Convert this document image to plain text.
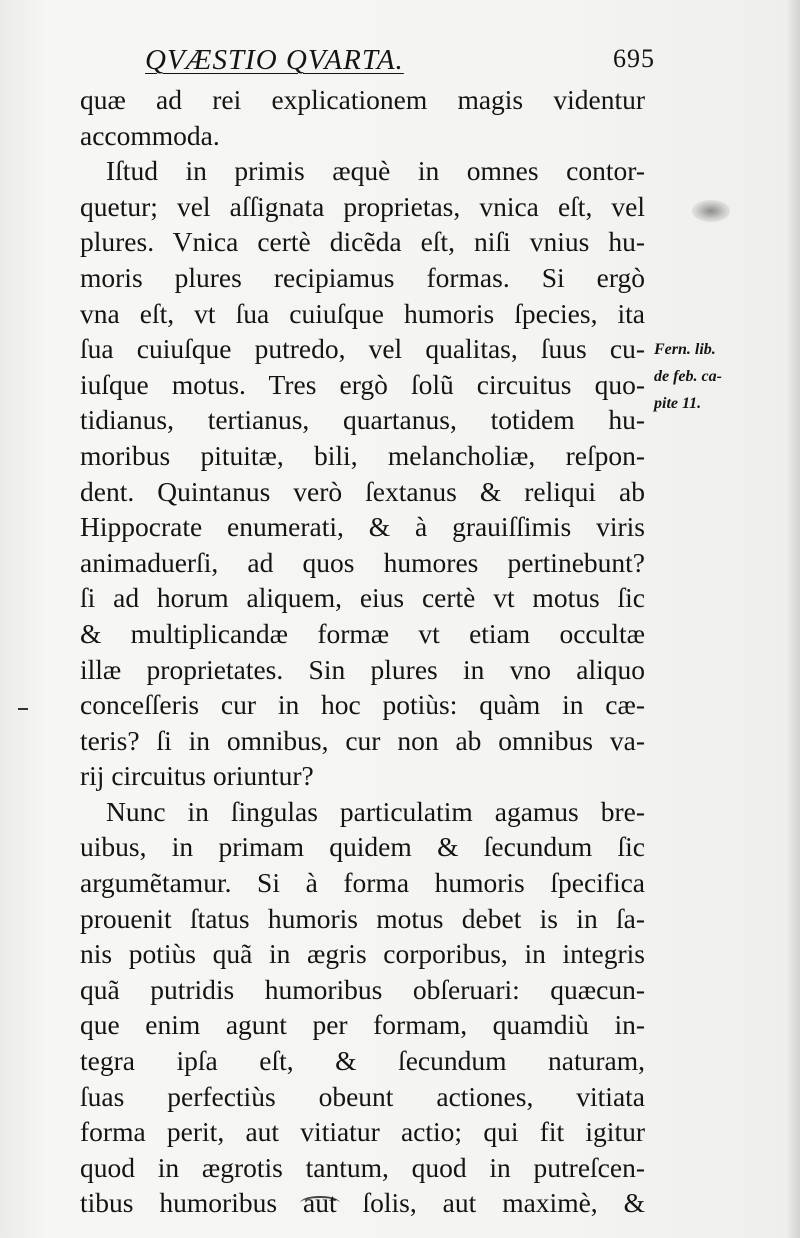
QVÆSTIO QVARTA.	695
quæ ad rei explicationem magis videntur
accommoda.
Iſtud in primis æquè in omnes contor-
quetur; vel aſſignata proprietas, vnica eſt, vel
plures. Vnica certè dicẽda eſt, niſi vnius hu-
moris plures recipiamus formas. Si ergò
vna eſt, vt ſua cuiuſque humoris ſpecies, ita
ſua cuiuſque putredo, vel qualitas, ſuus cu-
iuſque motus. Tres ergò ſolũ circuitus quo-
tidianus, tertianus, quartanus, totidem hu-
moribus pituitæ, bili, melancholiæ, reſpon-
dent. Quintanus verò ſextanus & reliqui ab
Hippocrate enumerati, & à grauiſſimis viris
animaduerſi, ad quos humores pertinebunt?
ſi ad horum aliquem, eius certè vt motus ſic
& multiplicandæ formæ vt etiam occultæ
illæ proprietates. Sin plures in vno aliquo
conceſſeris cur in hoc potiùs: quàm in cæ-
teris? ſi in omnibus, cur non ab omnibus va-
rij circuitus oriuntur?
Nunc in ſingulas particulatim agamus bre-
uibus, in primam quidem & ſecundum ſic
argumẽtamur. Si à forma humoris ſpecifica
prouenit ſtatus humoris motus debet is in ſa-
nis potiùs quã in ægris corporibus, in integris
quã putridis humoribus obſeruari: quæcun-
que enim agunt per formam, quamdiù in-
tegra ipſa eſt, & ſecundum naturam,
ſuas perfectiùs obeunt actiones, vitiata
forma perit, aut vitiatur actio; qui fit igitur
quod in ægrotis tantum, quod in putreſcen-
tibus humoribus aut ſolis, aut maximè, &
Fern. lib.
de feb. ca-
pite 11.
